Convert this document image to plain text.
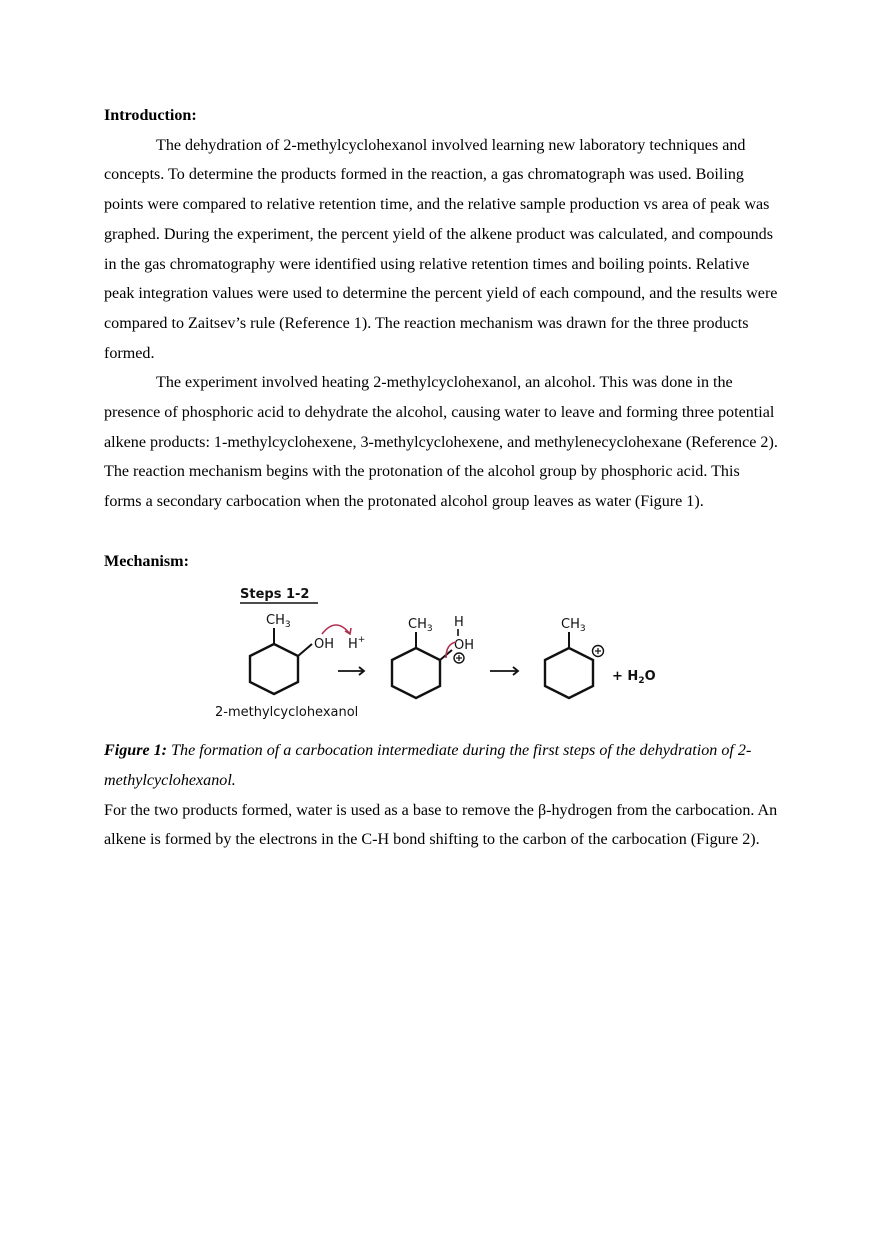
Introduction:

The dehydration of 2-methylcyclohexanol involved learning new laboratory techniques and concepts. To determine the products formed in the reaction, a gas chromatograph was used. Boiling points were compared to relative retention time, and the relative sample production vs area of peak was graphed. During the experiment, the percent yield of the alkene product was calculated, and compounds in the gas chromatography were identified using relative retention times and boiling points. Relative peak integration values were used to determine the percent yield of each compound, and the results were compared to Zaitsev’s rule (Reference 1). The reaction mechanism was drawn for the three products formed.

The experiment involved heating 2-methylcyclohexanol, an alcohol. This was done in the presence of phosphoric acid to dehydrate the alcohol, causing water to leave and forming three potential alkene products: 1-methylcyclohexene, 3-methylcyclohexene, and methylenecyclohexane (Reference 2). The reaction mechanism begins with the protonation of the alcohol group by phosphoric acid. This forms a secondary carbocation when the protonated alcohol group leaves as water (Figure 1).

Mechanism:

Steps 1-2
$CH_3$
OH H+
2-methylcyclohexanol
$CH_3$ H
OH
$CH_3$
+ $H_2O$

Figure 1: The formation of a carbocation intermediate during the first steps of the dehydration of 2-methylcyclohexanol.

For the two products formed, water is used as a base to remove the β-hydrogen from the carbocation. An alkene is formed by the electrons in the C-H bond shifting to the carbon of the carbocation (Figure 2).
